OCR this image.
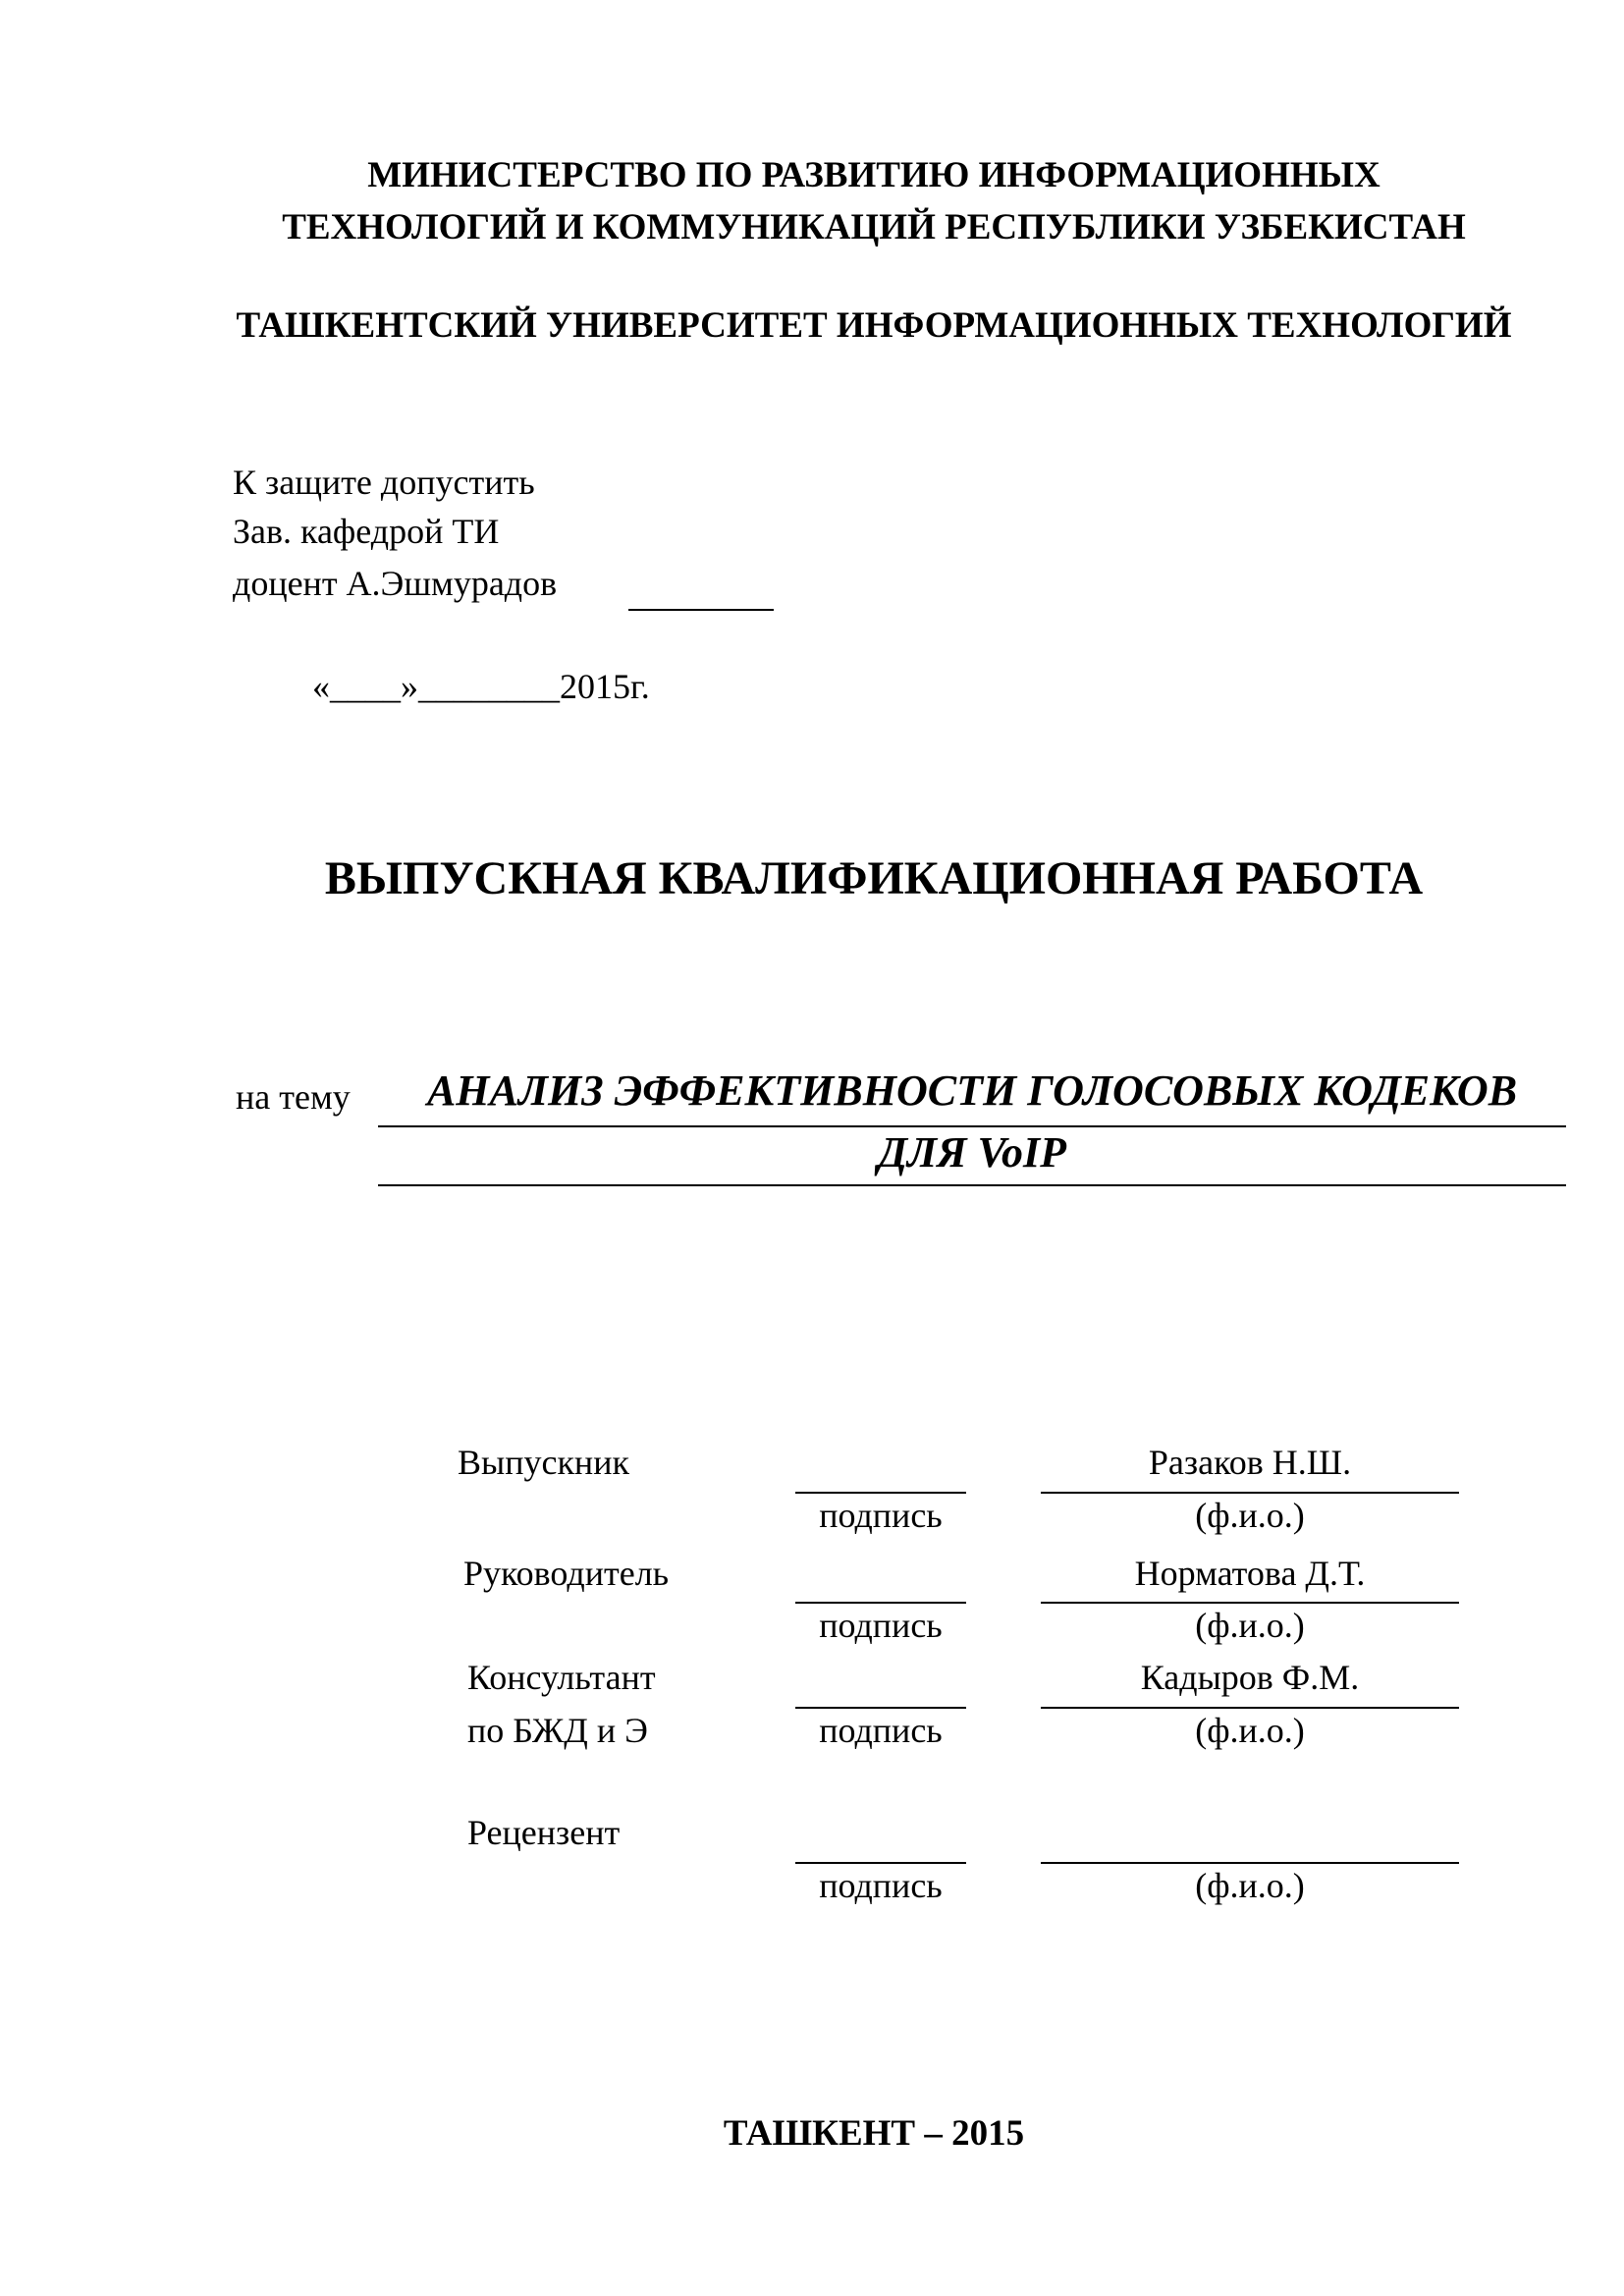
МИНИСТЕРСТВО ПО РАЗВИТИЮ ИНФОРМАЦИОННЫХ
ТЕХНОЛОГИЙ И КОММУНИКАЦИЙ РЕСПУБЛИКИ УЗБЕКИСТАН
ТАШКЕНТСКИЙ УНИВЕРСИТЕТ ИНФОРМАЦИОННЫХ ТЕХНОЛОГИЙ
К защите допустить
Зав. кафедрой ТИ
доцент А.Эшмурадов
«____»________2015г.
ВЫПУСКНАЯ КВАЛИФИКАЦИОННАЯ РАБОТА
на тему	АНАЛИЗ ЭФФЕКТИВНОСТИ ГОЛОСОВЫХ КОДЕКОВ
ДЛЯ VoIP
Выпускник	Разаков Н.Ш.
подпись	(ф.и.о.)
Руководитель	Норматова Д.Т.
подпись	(ф.и.о.)
Консультант	Кадыров Ф.М.
по БЖД и Э	подпись	(ф.и.о.)
Рецензент
подпись	(ф.и.о.)
ТАШКЕНТ – 2015
